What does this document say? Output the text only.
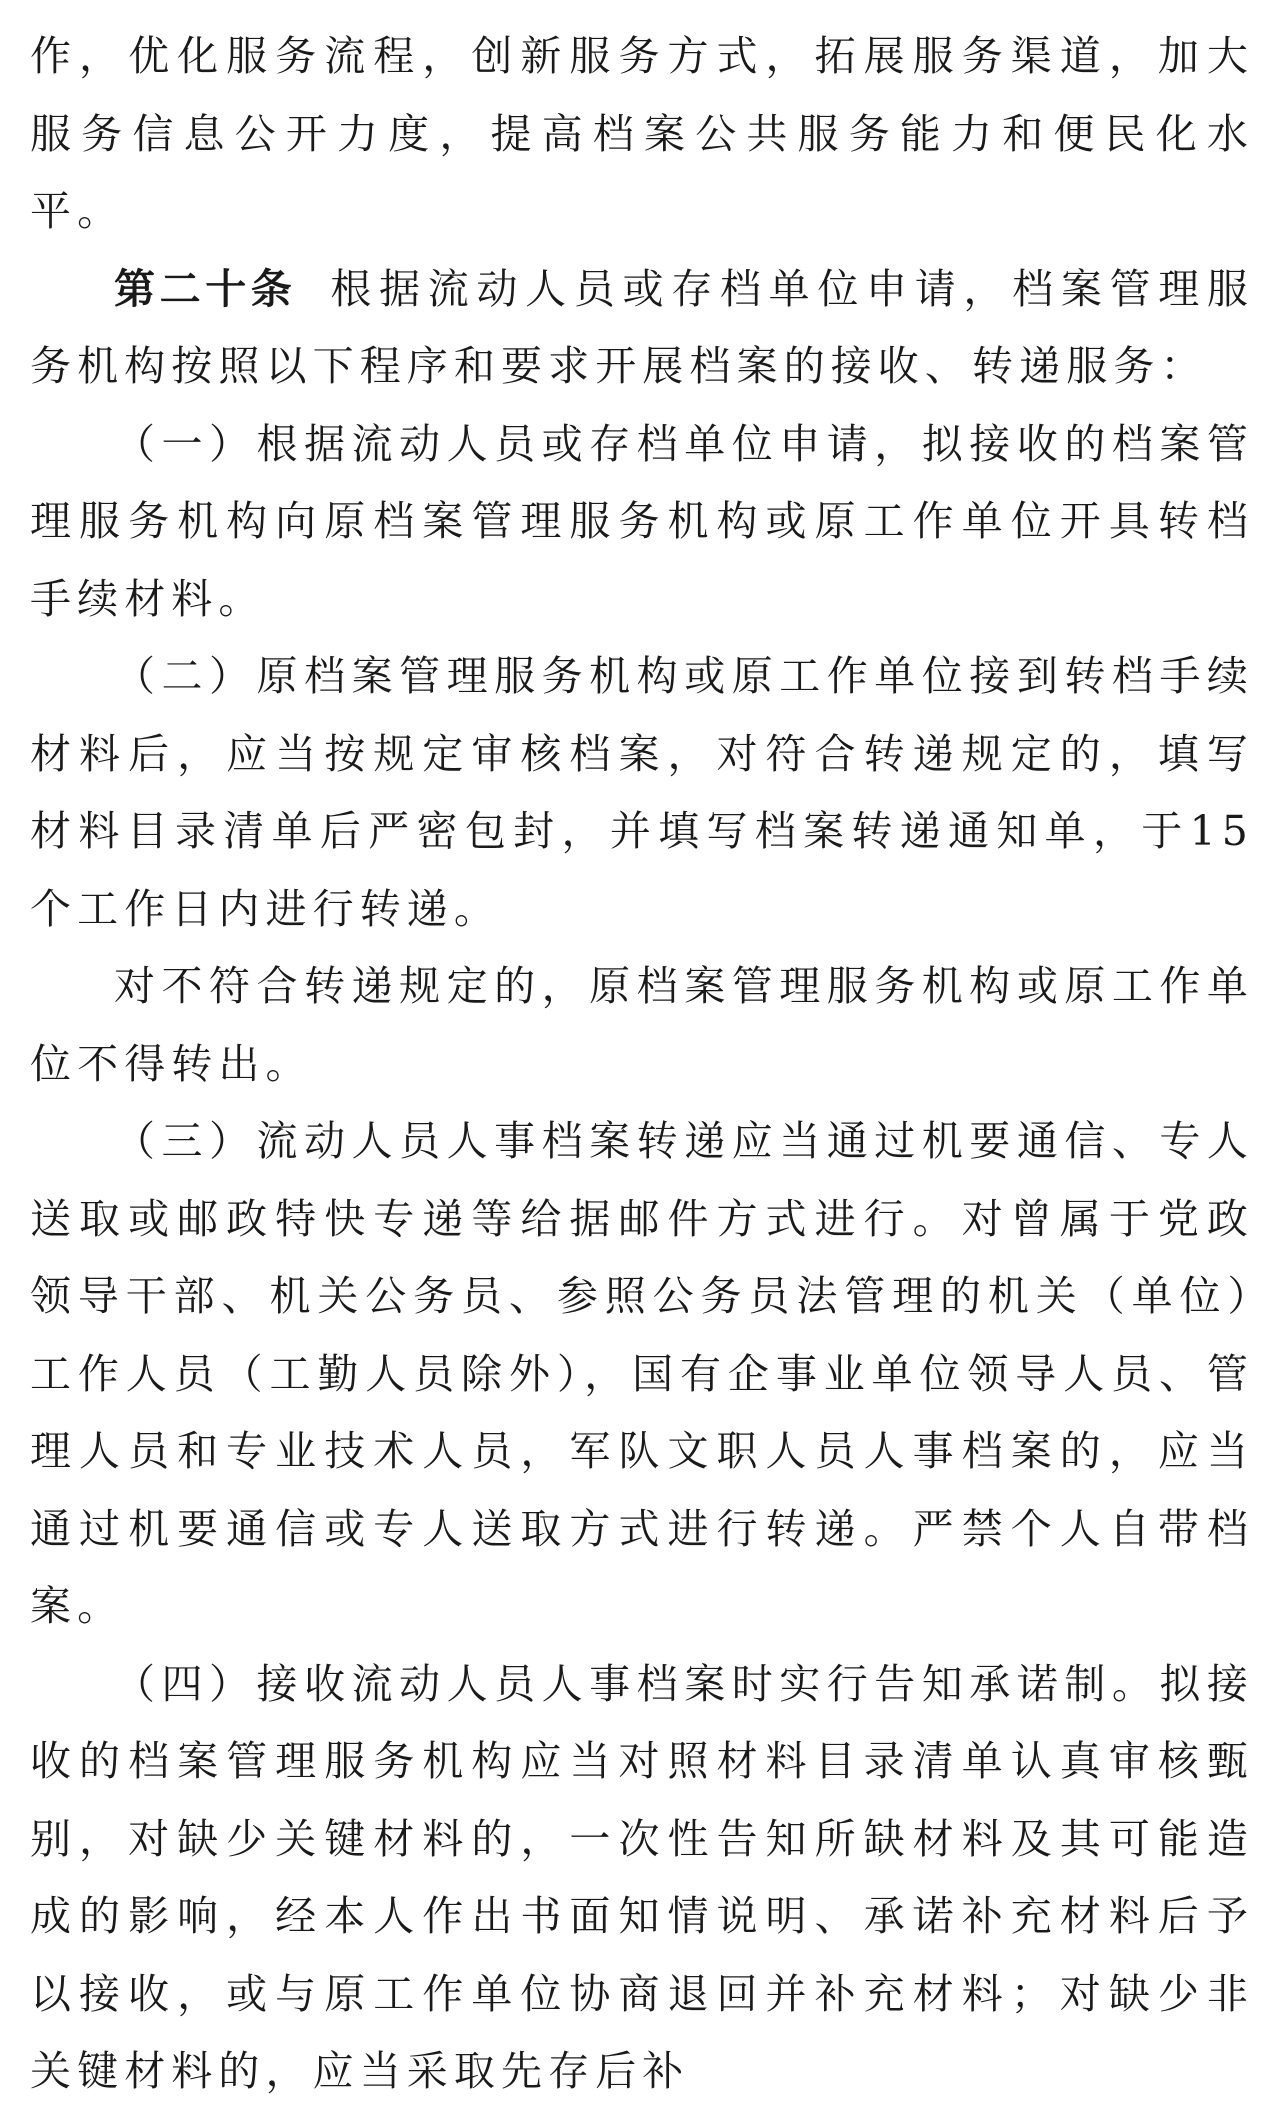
作，优化服务流程，创新服务方式，拓展服务渠道，加大服务信息公开力度，提高档案公共服务能力和便民化水平。

第二十条 根据流动人员或存档单位申请，档案管理服务机构按照以下程序和要求开展档案的接收、转递服务：

（一）根据流动人员或存档单位申请，拟接收的档案管理服务机构向原档案管理服务机构或原工作单位开具转档手续材料。

（二）原档案管理服务机构或原工作单位接到转档手续材料后，应当按规定审核档案，对符合转递规定的，填写材料目录清单后严密包封，并填写档案转递通知单，于15个工作日内进行转递。

对不符合转递规定的，原档案管理服务机构或原工作单位不得转出。

（三）流动人员人事档案转递应当通过机要通信、专人送取或邮政特快专递等给据邮件方式进行。对曾属于党政领导干部、机关公务员、参照公务员法管理的机关（单位）工作人员（工勤人员除外），国有企事业单位领导人员、管理人员和专业技术人员，军队文职人员人事档案的，应当通过机要通信或专人送取方式进行转递。严禁个人自带档案。

（四）接收流动人员人事档案时实行告知承诺制。拟接收的档案管理服务机构应当对照材料目录清单认真审核甄别，对缺少关键材料的，一次性告知所缺材料及其可能造成的影响，经本人作出书面知情说明、承诺补充材料后予以接收，或与原工作单位协商退回并补充材料；对缺少非关键材料的，应当采取先存后补
